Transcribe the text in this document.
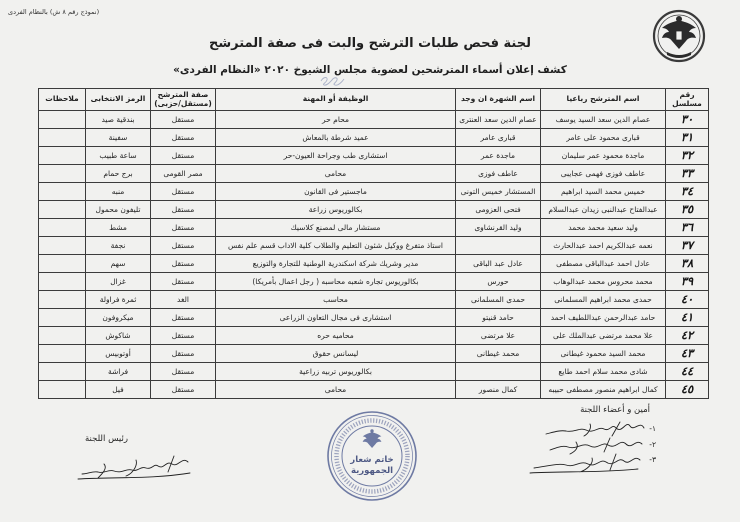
(نموذج رقم ٨ ش) بالنظام الفردى
لجنة فحص طلبات الترشح والبت فى صفة المترشح
كشف إعلان أسماء المترشحين لعضوية مجلس الشيوخ ٢٠٢٠ «النظام الفردى»
رقم مسلسل	اسم المترشح رباعيا	اسم الشهرة ان وجد	الوظيفة أو المهنة	صفة المترشح (مستقل/حزبى)	الرمز الانتخابى	ملاحظات

٣٠	عصام الدين سعد السيد يوسف	عصام الدين سعد العنترى	محام حر	مستقل	بندقية صيد	

٣١	قبارى محمود على عامر	قبارى عامر	عميد شرطة بالمعاش	مستقل	سفينة	

٣٢	ماجدة محمود عمر سليمان	ماجدة عمر	استشارى طب وجراحة العيون-حر	مستقل	ساعة طبيب	

٣٣	عاطف فوزى فهمى عجايبى	عاطف فوزى	محامى	مصر القومى	برج حمام	

٣٤	خميس محمد السيد ابراهيم	المستشار خميس التونى	ماجستير فى القانون	مستقل	منبه	

٣٥	عبدالفتاح عبدالنبى زيدان عبدالسلام	فتحى العزومى	بكالوريوس زراعة	مستقل	تليفون محمول	

٣٦	وليد سعيد محمد محمد	وليد القرنشاوى	مستشار مالى لمصنع كلاسيك	مستقل	مشط	

٣٧	نعمه عبدالكريم احمد عبدالحارث		استاذ متفرغ ووكيل شئون التعليم والطلاب كلية الاداب قسم علم نفس	مستقل	نجفة	

٣٨	عادل احمد عبدالباقى مصطفى	عادل عبد الباقى	مدير وشريك شركة اسكندرية الوطنية للتجارة والتوزيع	مستقل	سهم	

٣٩	محمد محروس محمد عبدالوهاب	حورس	بكالوريوس تجاره شعبه محاسبه ( رجل اعمال بأمريكا)	مستقل	غزال	

٤٠	حمدى محمد ابراهيم المسلمانى	حمدى المسلمانى	محاسب	الغد	ثمرة فراولة	

٤١	حامد عبدالرحمن عبداللطيف احمد	حامد قنيتو	استشارى فى مجال التعاون الزراعى	مستقل	ميكروفون	

٤٢	علا محمد مرتضى عبدالملك على	علا مرتضى	محاميه حره	مستقل	شاكوش	

٤٣	محمد السيد محمود غيطانى	محمد غيطانى	ليسانس حقوق	مستقل	أوتوبيس	

٤٤	شادى محمد سلام احمد طايع		بكالوريوس تربيه زراعية	مستقل	فراشة	

٤٥	كمال ابراهيم منصور مصطفى حبيبه	كمال منصور	محامى	مستقل	فيل	

أمين و أعضاء اللجنة
١-
٢-
٣-
خاتم شعار
الجمهورية
رئيس اللجنة
